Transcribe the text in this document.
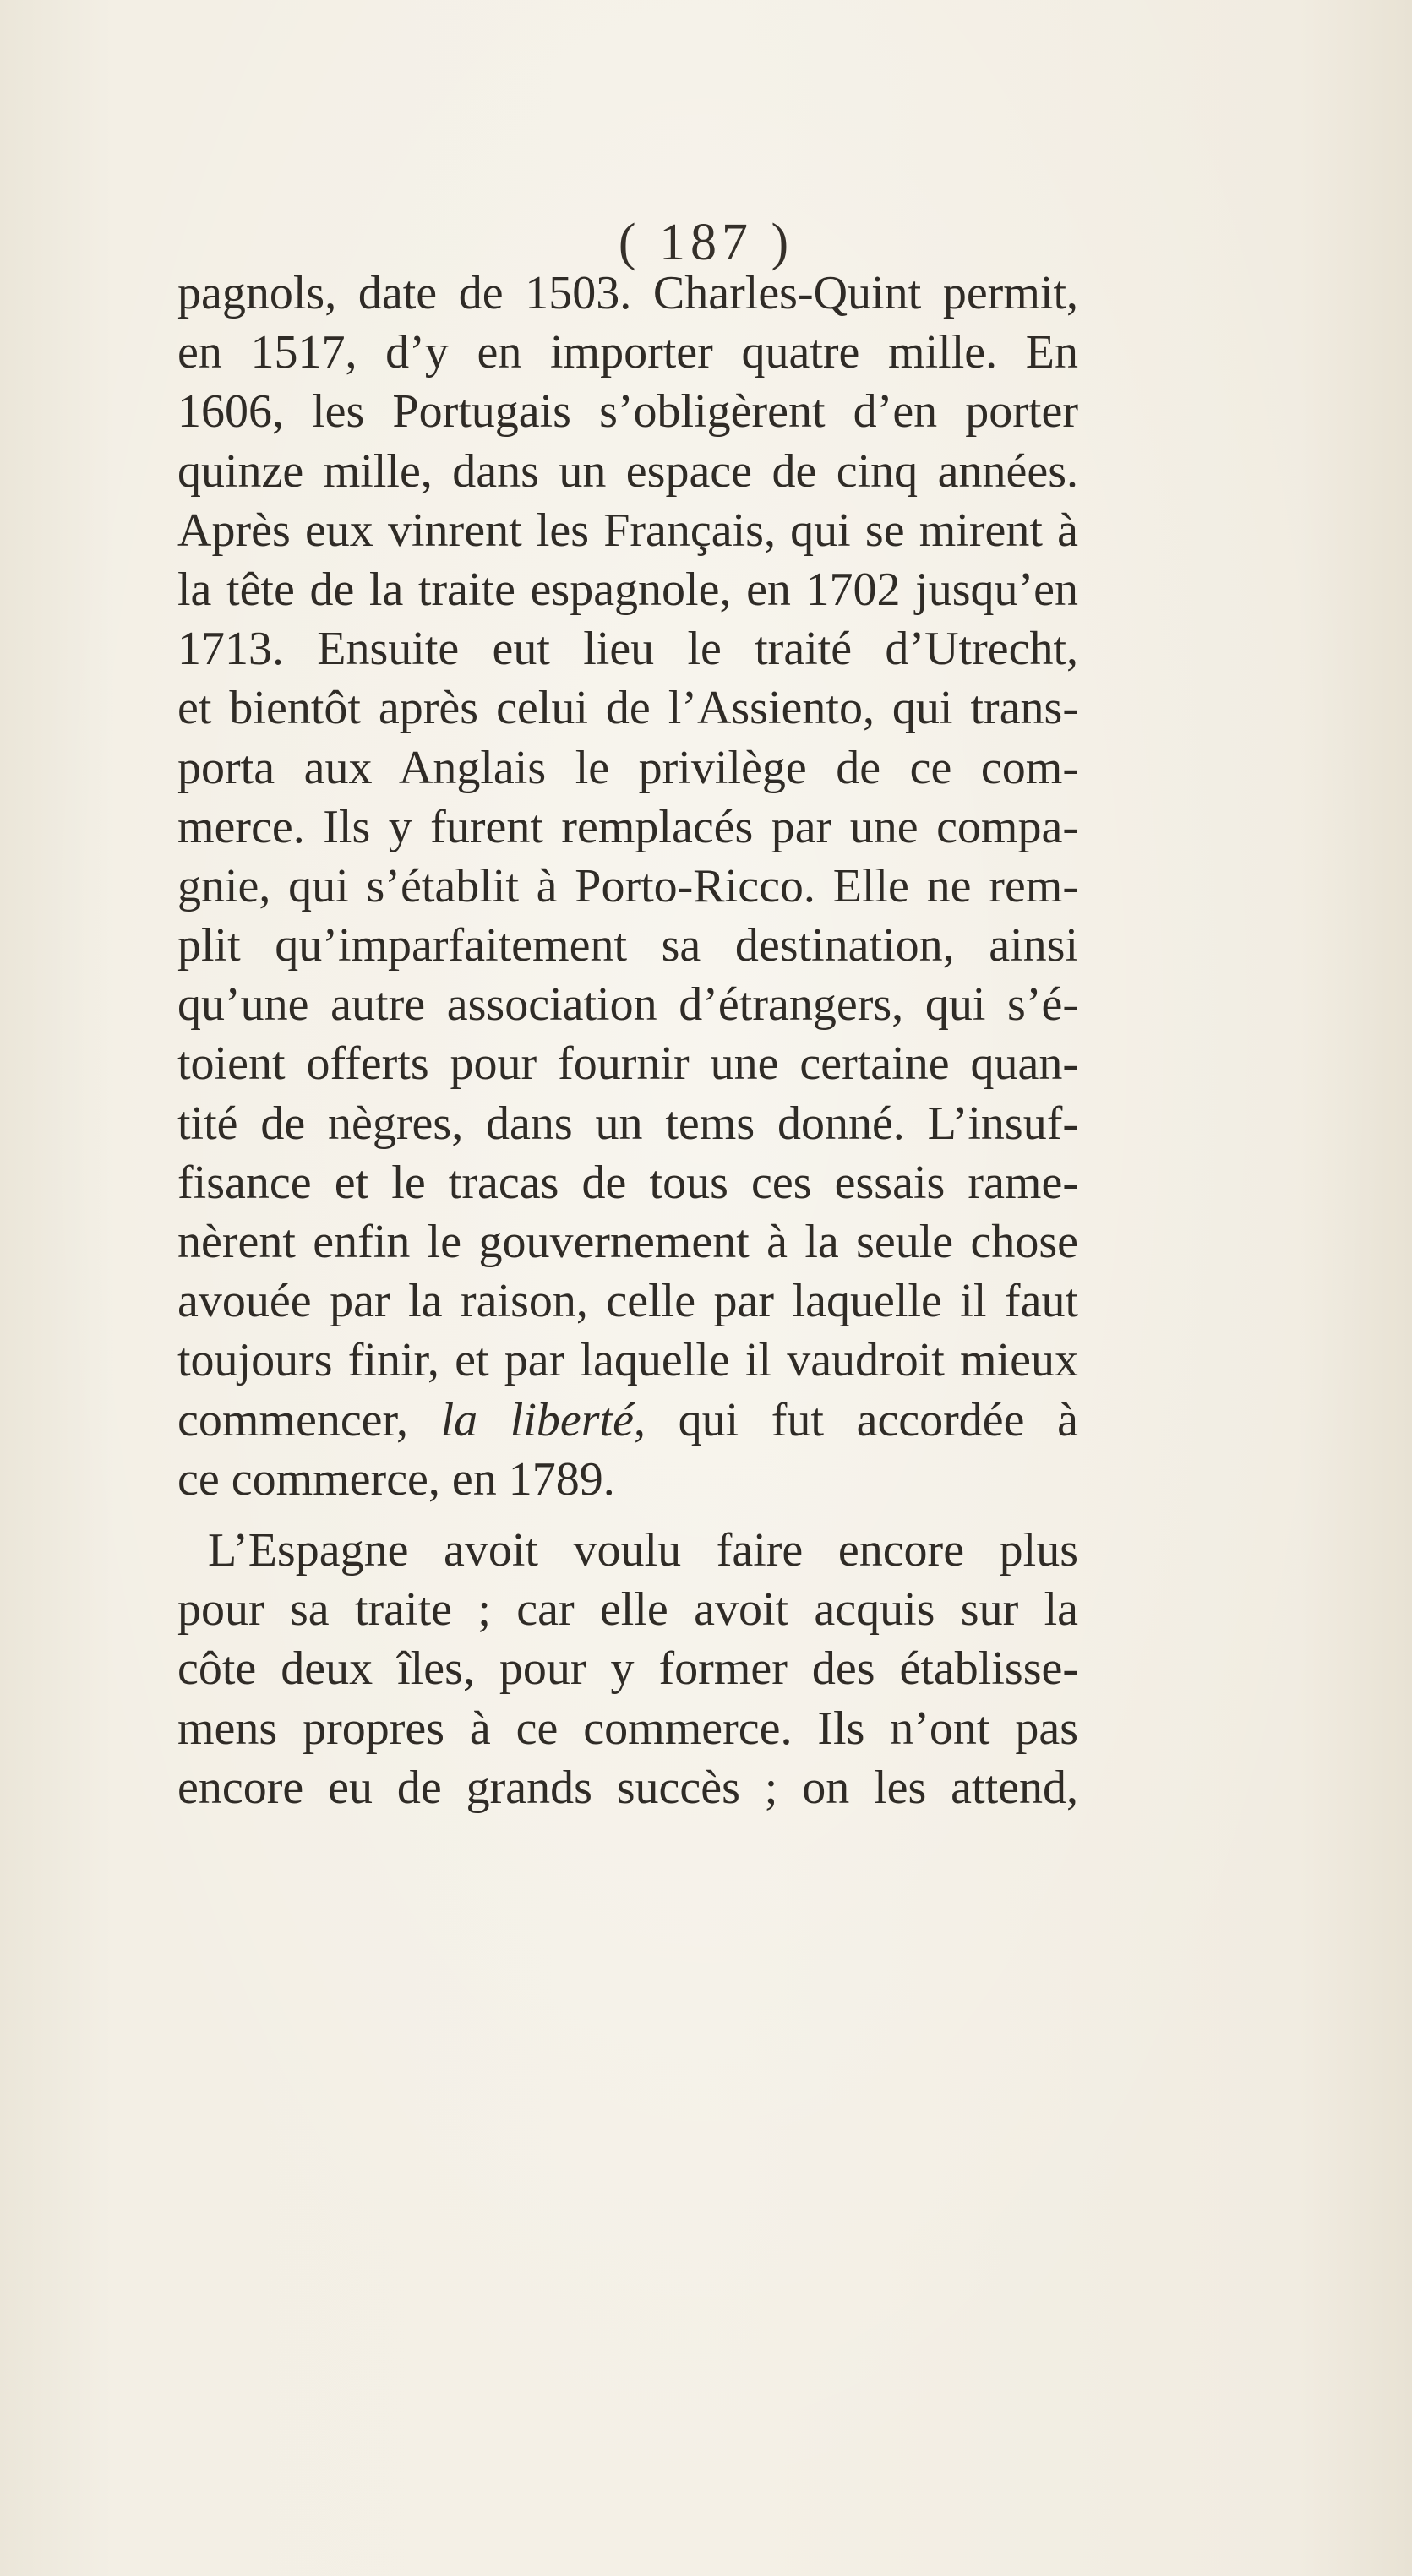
( 187 )
pagnols, date de 1503. Charles-Quint permit,
en 1517, d’y en importer quatre mille. En
1606, les Portugais s’obligèrent d’en porter
quinze mille, dans un espace de cinq années.
Après eux vinrent les Français, qui se mirent à
la tête de la traite espagnole, en 1702 jusqu’en
1713. Ensuite eut lieu le traité d’Utrecht,
et bientôt après celui de l’Assiento, qui trans-
porta aux Anglais le privilège de ce com-
merce. Ils y furent remplacés par une compa-
gnie, qui s’établit à Porto-Ricco. Elle ne rem-
plit qu’imparfaitement sa destination, ainsi
qu’une autre association d’étrangers, qui s’é-
toient offerts pour fournir une certaine quan-
tité de nègres, dans un tems donné. L’insuf-
fisance et le tracas de tous ces essais rame-
nèrent enfin le gouvernement à la seule chose
avouée par la raison, celle par laquelle il faut
toujours finir, et par laquelle il vaudroit mieux
commencer, la liberté, qui fut accordée à
ce commerce, en 1789.
L’Espagne avoit voulu faire encore plus
pour sa traite ; car elle avoit acquis sur la
côte deux îles, pour y former des établisse-
mens propres à ce commerce. Ils n’ont pas
encore eu de grands succès ; on les attend,
